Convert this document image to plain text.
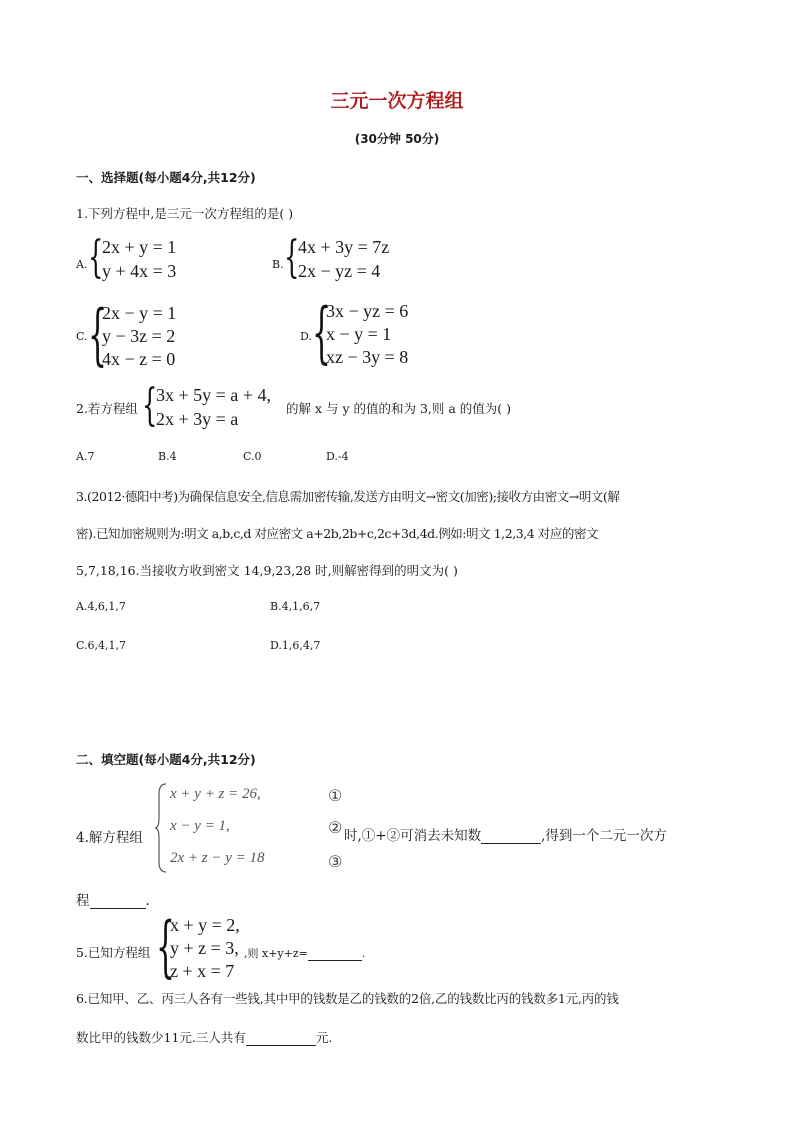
三元一次方程组
(30分钟 50分)
一、选择题(每小题4分,共12分)
1.下列方程中,是三元一次方程组的是( )
A. {
2x + y = 1
y + 4x = 3	B. {
4x + 3y = 7z
2x − yz = 4
C. {
2x − y = 1
y − 3z = 2
4x − z = 0
D. {
3x − yz = 6
x − y = 1
xz − 3y = 8
2.若方程组 {
3x + 5y = a + 4,
2x + 3y = a
的解 x 与 y 的值的和为 3,则 a 的值为( )
A.7	B.4	C.0	D.-4
3.(2012·德阳中考)为确保信息安全,信息需加密传输,发送方由明文→密文(加密);接收方由密文→明文(解
密).已知加密规则为:明文 a,b,c,d 对应密文 a+2b,2b+c,2c+3d,4d.例如:明文 1,2,3,4 对应的密文
5,7,18,16.当接收方收到密文 14,9,23,28 时,则解密得到的明文为( )
A.4,6,1,7	B.4,1,6,7
C.6,4,1,7	D.1,6,4,7
二、填空题(每小题4分,共12分)
4.解方程组
x + y + z = 26,
x − y = 1,
2x + z − y = 18
①
②
③
时,①+②可消去未知数	,得到一个二元一次方
程	.
5.已知方程组 {
x + y = 2,
y + z = 3,
z + x = 7
,则 x+y+z=	.
6.已知甲、乙、丙三人各有一些钱,其中甲的钱数是乙的钱数的2倍,乙的钱数比丙的钱数多1元,丙的钱
数比甲的钱数少11元.三人共有	元.
